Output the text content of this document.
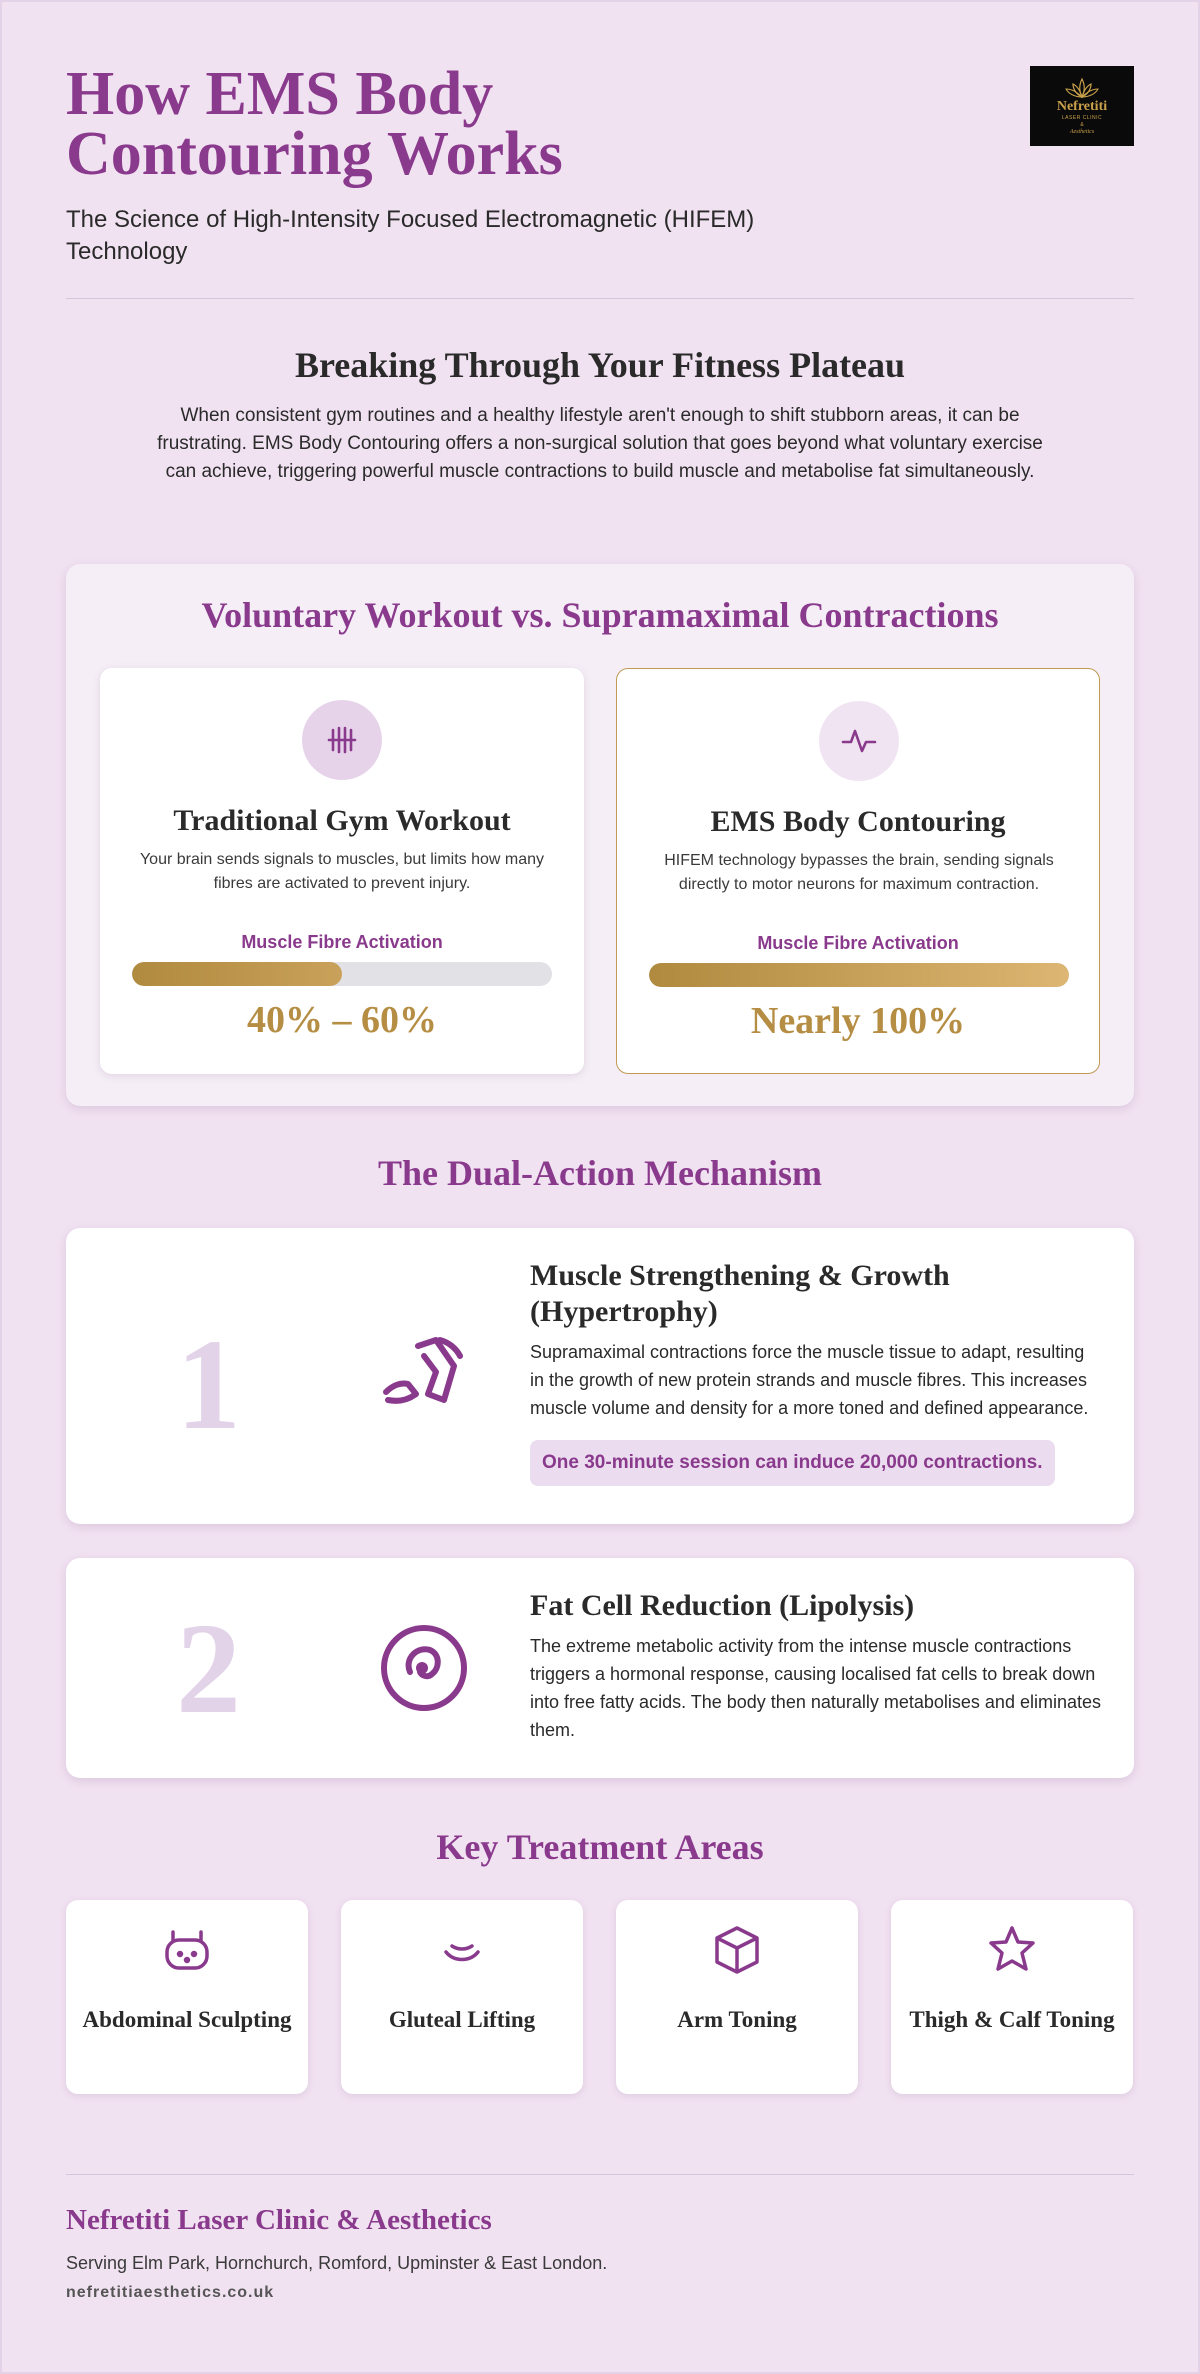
How EMS Body Contouring Works
The Science of High-Intensity Focused Electromagnetic (HIFEM) Technology
Nefretiti
LASER CLINIC
&
Aesthetics
Breaking Through Your Fitness Plateau

When consistent gym routines and a healthy lifestyle aren't enough to shift stubborn areas, it can be frustrating. EMS Body Contouring offers a non-surgical solution that goes beyond what voluntary exercise can achieve, triggering powerful muscle contractions to build muscle and metabolise fat simultaneously.

Voluntary Workout vs. Supramaximal Contractions
Traditional Gym Workout
Your brain sends signals to muscles, but limits how many fibres are activated to prevent injury.
Muscle Fibre Activation
40% – 60%
EMS Body Contouring
HIFEM technology bypasses the brain, sending signals directly to motor neurons for maximum contraction.
Muscle Fibre Activation
Nearly 100%
The Dual-Action Mechanism
1
Muscle Strengthening & Growth (Hypertrophy)

Supramaximal contractions force the muscle tissue to adapt, resulting in the growth of new protein strands and muscle fibres. This increases muscle volume and density for a more toned and defined appearance.

One 30-minute session can induce 20,000 contractions.
2	Fat Cell Reduction (Lipolysis)

The extreme metabolic activity from the intense muscle contractions triggers a hormonal response, causing localised fat cells to break down into free fatty acids. The body then naturally metabolises and eliminates them.

Key Treatment Areas
Abdominal Sculpting	Gluteal Lifting	Arm Toning	Thigh & Calf Toning
Nefretiti Laser Clinic & Aesthetics
Serving Elm Park, Hornchurch, Romford, Upminster & East London.
nefretitiaesthetics.co.uk
